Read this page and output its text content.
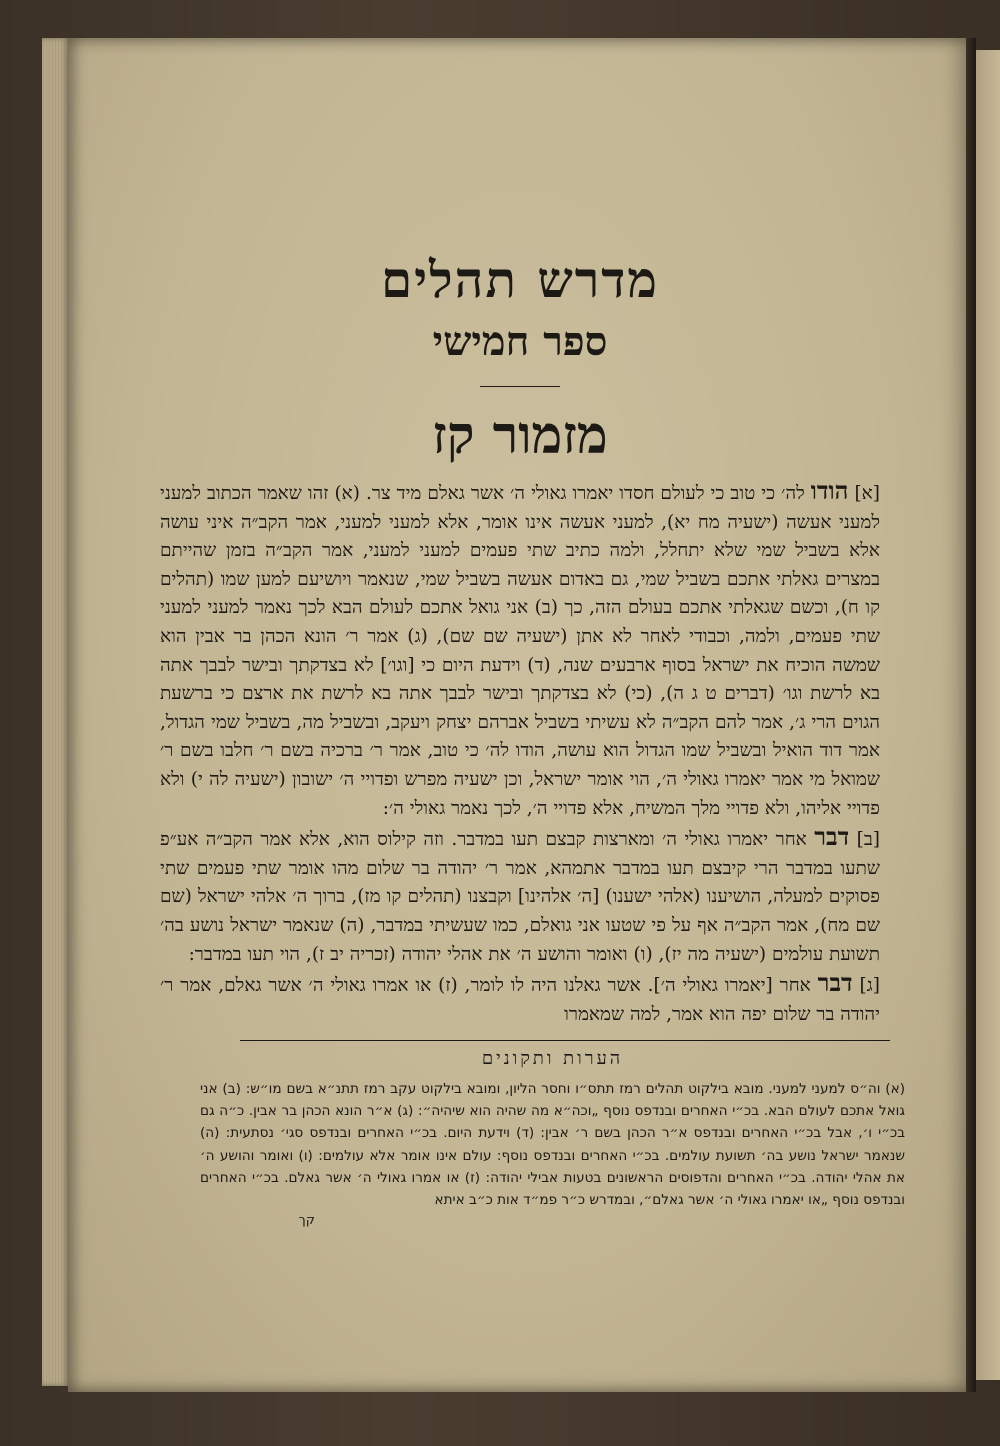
מדרש תהלים
ספר חמישי
מזמור קז

[א] הודו לה׳ כי טוב כי לעולם חסדו יאמרו גאולי ה׳ אשר גאלם מיד צר. (א) זהו שאמר הכתוב למעני למעני אעשה (ישעיה מח יא), למעני אעשה אינו אומר, אלא למעני למעני, אמר הקב״ה איני עושה אלא בשביל שמי שלא יתחלל, ולמה כתיב שתי פעמים למעני למעני, אמר הקב״ה בזמן שהייתם במצרים גאלתי אתכם בשביל שמי, גם באדום אעשה בשביל שמי, שנאמר ויושיעם למען שמו (תהלים קו ח), וכשם שגאלתי אתכם בעולם הזה, כך (ב) אני גואל אתכם לעולם הבא לכך נאמר למעני למעני שתי פעמים, ולמה, וכבודי לאחר לא אתן (ישעיה שם שם), (ג) אמר ר׳ הונא הכהן בר אבין הוא שמשה הוכיח את ישראל בסוף ארבעים שנה, (ד) וידעת היום כי [וגו׳] לא בצדקתך ובישר לבבך אתה בא לרשת וגו׳ (דברים ט ג ה), (כי) לא בצדקתך ובישר לבבך אתה בא לרשת את ארצם כי ברשעת הגוים הרי ג׳, אמר להם הקב״ה לא עשיתי בשביל אברהם יצחק ויעקב, ובשביל מה, בשביל שמי הגדול, אמר דוד הואיל ובשביל שמו הגדול הוא עושה, הודו לה׳ כי טוב, אמר ר׳ ברכיה בשם ר׳ חלבו בשם ר׳ שמואל מי אמר יאמרו גאולי ה׳, הוי אומר ישראל, וכן ישעיה מפרש ופדויי ה׳ ישובון (ישעיה לה י) ולא פדויי אליהו, ולא פדויי מלך המשיח, אלא פדויי ה׳, לכך נאמר גאולי ה׳:

[ב] דבר אחר יאמרו גאולי ה׳ ומארצות קבצם תעו במדבר. וזה קילוס הוא, אלא אמר הקב״ה אע״פ שתעו במדבר הרי קיבצם תעו במדבר אתמהא, אמר ר׳ יהודה בר שלום מהו אומר שתי פעמים שתי פסוקים למעלה, הושיענו (אלהי ישענו) [ה׳ אלהינו] וקבצנו (תהלים קו מז), ברוך ה׳ אלהי ישראל (שם שם מח), אמר הקב״ה אף על פי שטעו אני גואלם, כמו שעשיתי במדבר, (ה) שנאמר ישראל נושע בה׳ תשועת עולמים (ישעיה מה יז), (ו) ואומר והושע ה׳ את אהלי יהודה (זכריה יב ז), הוי תעו במדבר:

[ג] דבר אחר [יאמרו גאולי ה׳]. אשר גאלנו היה לו לומר, (ז) או אמרו גאולי ה׳ אשר גאלם, אמר ר׳ יהודה בר שלום יפה הוא אמר, למה שמאמרו

הערות ותקונים
(א) וה״ס למעני למעני. מובא בילקוט תהלים רמז תתס״ו וחסר הליון, ומובא בילקוט עקב רמז תתנ״א בשם מו״ש: (ב) אני גואל אתכם לעולם הבא. בכ״י האחרים ובנדפס נוסף „וכה״א מה שהיה הוא שיהיה״: (ג) א״ר הונא הכהן בר אבין. כ״ה גם בכ״י ו׳, אבל בכ״י האחרים ובנדפס א״ר הכהן בשם ר׳ אבין: (ד) וידעת היום. בכ״י האחרים ובנדפס סגי׳ נסתעית: (ה) שנאמר ישראל נושע בה׳ תשועת עולמים. בכ״י האחרים ובנדפס נוסף: עולם אינו אומר אלא עולמים: (ו) ואומר והושע ה׳ את אהלי יהודה. בכ״י האחרים והדפוסים הראשונים בטעות אבילי יהודה: (ז) או אמרו גאולי ה׳ אשר גאלם. בכ״י האחרים ובנדפס נוסף „או יאמרו גאולי ה׳ אשר גאלם״, ובמדרש כ״ר פמ״ד אות כ״ב איתא
קך
